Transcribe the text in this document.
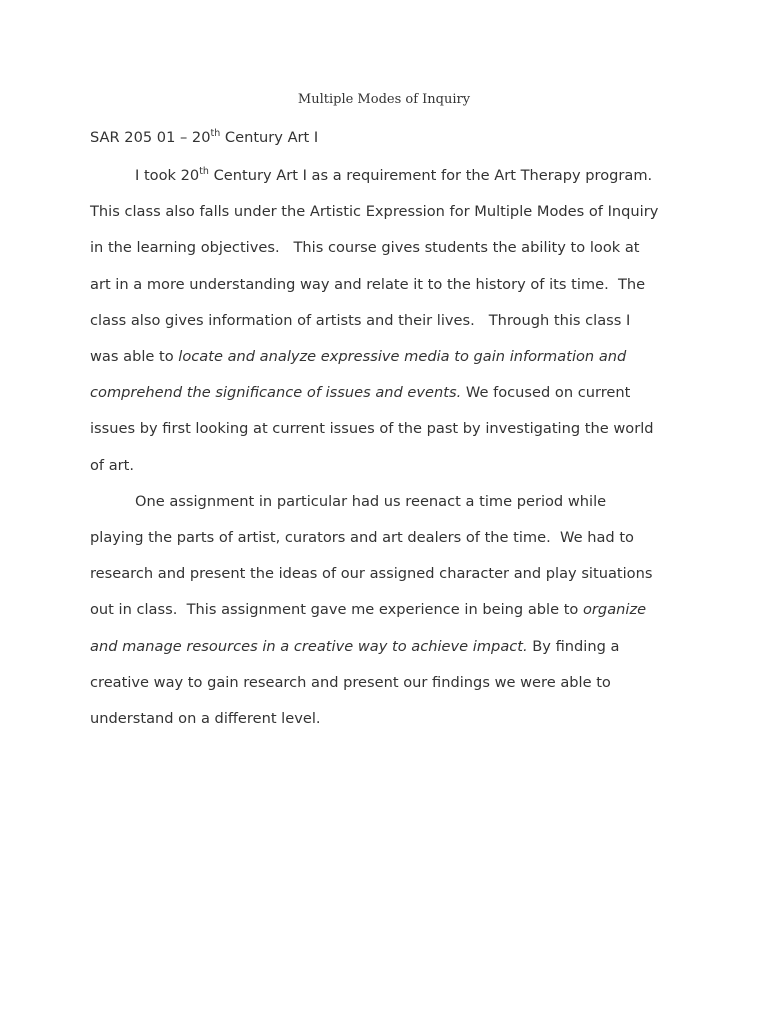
Multiple Modes of Inquiry
SAR 205 01 – 20th Century Art I

I took 20th Century Art I as a requirement for the Art Therapy program.
This class also falls under the Artistic Expression for Multiple Modes of Inquiry
in the learning objectives.   This course gives students the ability to look at
art in a more understanding way and relate it to the history of its time.  The
class also gives information of artists and their lives.   Through this class I
was able to locate and analyze expressive media to gain information and
comprehend the significance of issues and events. We focused on current
issues by first looking at current issues of the past by investigating the world
of art.

One assignment in particular had us reenact a time period while
playing the parts of artist, curators and art dealers of the time.  We had to
research and present the ideas of our assigned character and play situations
out in class.  This assignment gave me experience in being able to organize
and manage resources in a creative way to achieve impact. By finding a
creative way to gain research and present our findings we were able to
understand on a different level.
